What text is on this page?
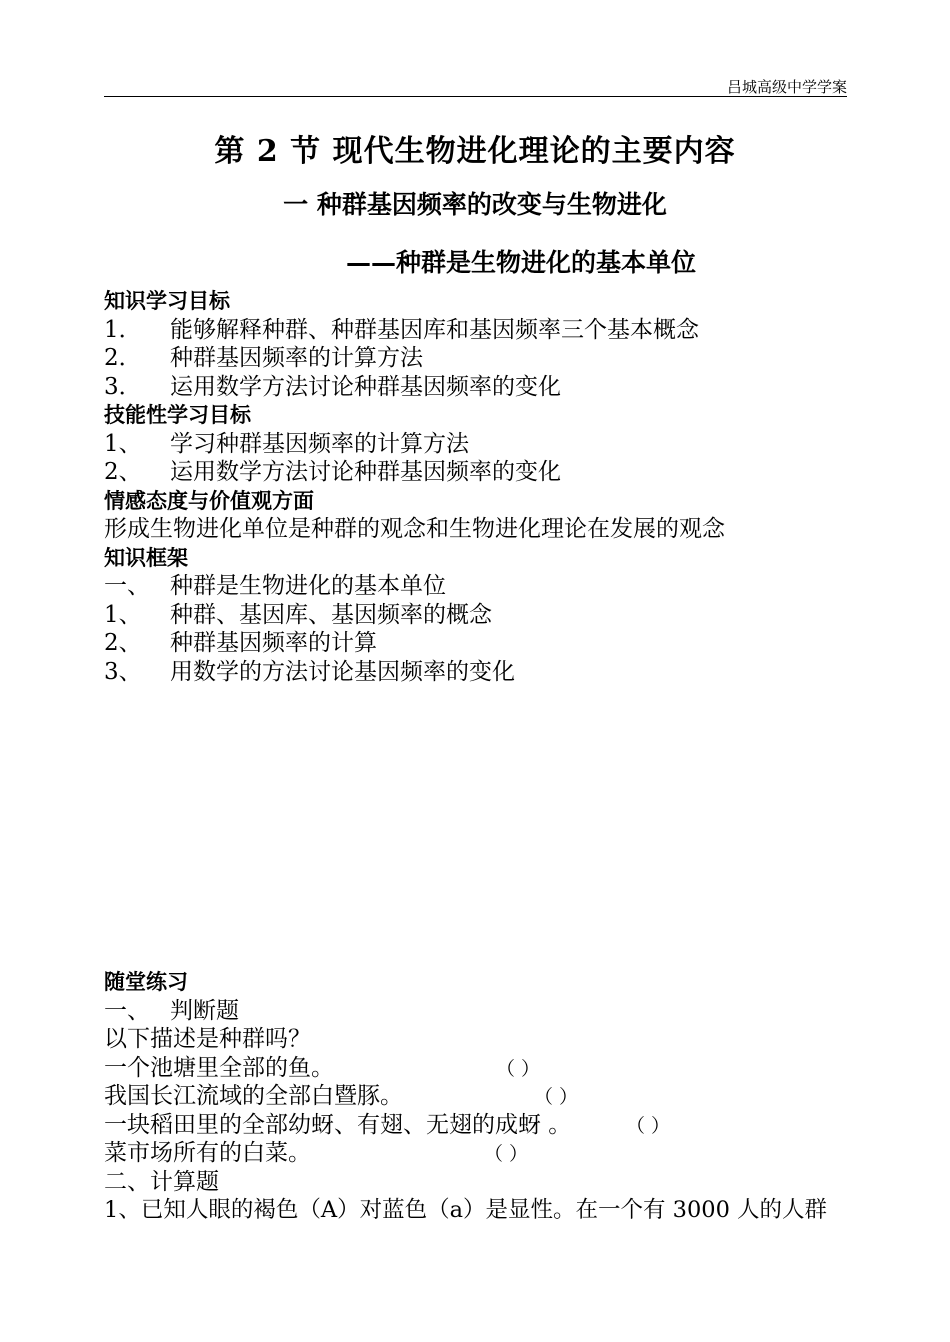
吕城高级中学学案
第 2 节 现代生物进化理论的主要内容
一 种群基因频率的改变与生物进化
——种群是生物进化的基本单位
知识学习目标
1． 能够解释种群、种群基因库和基因频率三个基本概念
2． 种群基因频率的计算方法
3． 运用数学方法讨论种群基因频率的变化
技能性学习目标
1、 学习种群基因频率的计算方法
2、 运用数学方法讨论种群基因频率的变化
情感态度与价值观方面
形成生物进化单位是种群的观念和生物进化理论在发展的观念
知识框架
一、 种群是生物进化的基本单位
1、 种群、基因库、基因频率的概念
2、 种群基因频率的计算
3、 用数学的方法讨论基因频率的变化
随堂练习
一、 判断题
以下描述是种群吗？
一个池塘里全部的鱼。	（ ）
我国长江流域的全部白暨豚。	（ ）
一块稻田里的全部幼蚜、有翅、无翅的成蚜 。	（ ）
菜市场所有的白菜。	（ ）
二、计算题
1、已知人眼的褐色（A）对蓝色（a）是显性。在一个有 3000 人的人群
